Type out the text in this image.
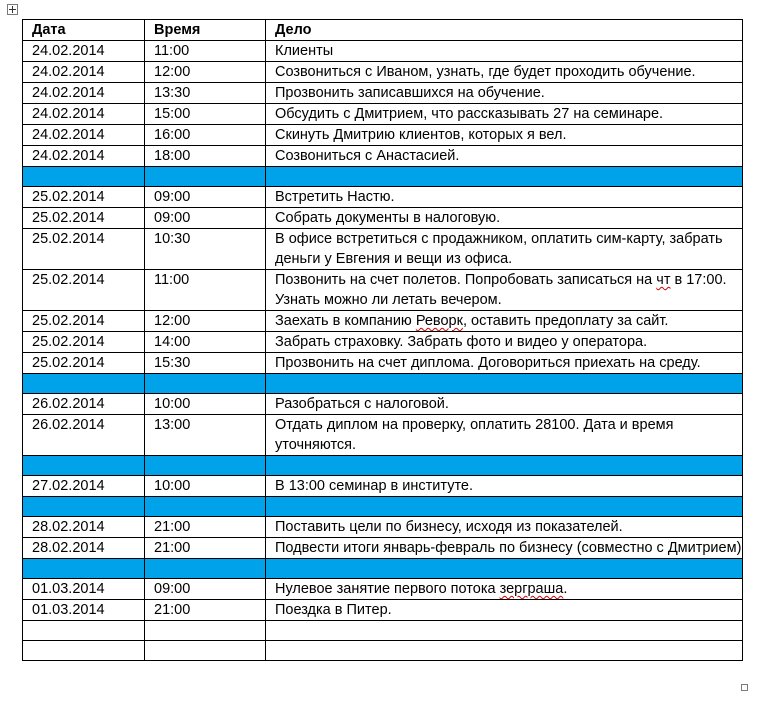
Дата	Время	Дело
24.02.2014	11:00	Клиенты
24.02.2014	12:00	Созвониться с Иваном, узнать, где будет проходить обучение.
24.02.2014	13:30	Прозвонить записавшихся на обучение.
24.02.2014	15:00	Обсудить с Дмитрием, что рассказывать 27 на семинаре.
24.02.2014	16:00	Скинуть Дмитрию клиентов, которых я вел.
24.02.2014	18:00	Созвониться с Анастасией.

25.02.2014	09:00	Встретить Настю.
25.02.2014	09:00	Собрать документы в налоговую.
25.02.2014	10:30	В офисе встретиться с продажником, оплатить сим-карту, забрать деньги у Евгения и вещи из офиса.
25.02.2014	11:00	Позвонить на счет полетов. Попробовать записаться на чт в 17:00. Узнать можно ли летать вечером.
25.02.2014	12:00	Заехать в компанию Реворк, оставить предоплату за сайт.
25.02.2014	14:00	Забрать страховку. Забрать фото и видео у оператора.
25.02.2014	15:30	Прозвонить на счет диплома. Договориться приехать на среду.

26.02.2014	10:00	Разобраться с налоговой.
26.02.2014	13:00	Отдать диплом на проверку, оплатить 28100. Дата и время уточняются.

27.02.2014	10:00	В 13:00 семинар в институте.

28.02.2014	21:00	Поставить цели по бизнесу, исходя из показателей.
28.02.2014	21:00	Подвести итоги январь-февраль по бизнесу (совместно с Дмитрием)

01.03.2014	09:00	Нулевое занятие первого потока зерграша.
01.03.2014	21:00	Поездка в Питер.
